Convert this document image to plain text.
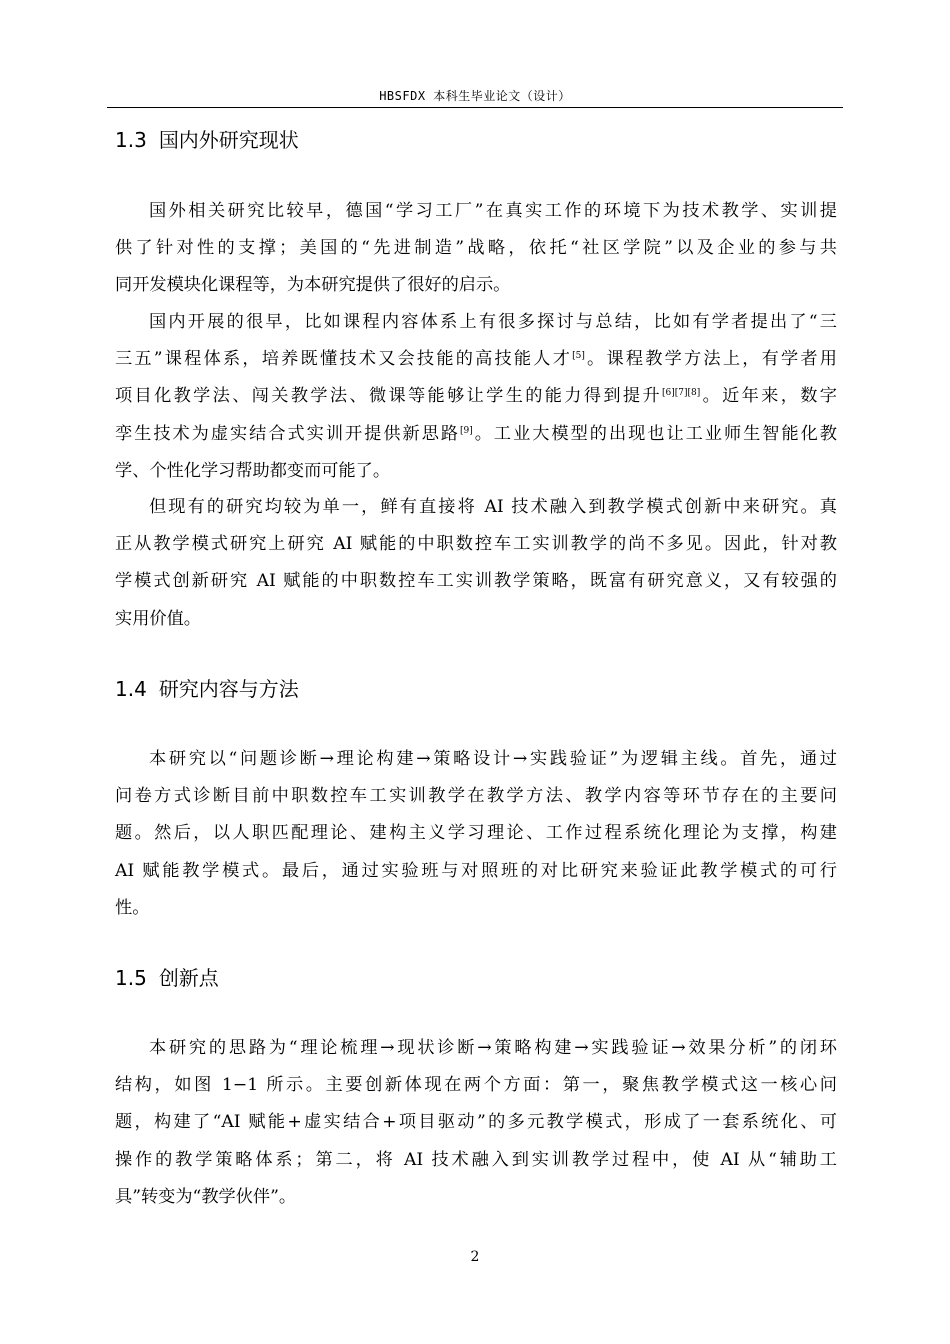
HBSFDX 本科生毕业论文（设计）
1.3 国内外研究现状
国外相关研究比较早，德国“学习工厂”在真实工作的环境下为技术教学、实训提
供了针对性的支撑；美国的“先进制造”战略，依托“社区学院”以及企业的参与共
同开发模块化课程等，为本研究提供了很好的启示。
国内开展的很早，比如课程内容体系上有很多探讨与总结，比如有学者提出了“三
三五”课程体系，培养既懂技术又会技能的高技能人才[5]。课程教学方法上，有学者用
项目化教学法、闯关教学法、微课等能够让学生的能力得到提升[6][7][8]。近年来，数字
孪生技术为虚实结合式实训开提供新思路[9]。工业大模型的出现也让工业师生智能化教
学、个性化学习帮助都变而可能了。
但现有的研究均较为单一，鲜有直接将 AI 技术融入到教学模式创新中来研究。真
正从教学模式研究上研究 AI 赋能的中职数控车工实训教学的尚不多见。因此，针对教
学模式创新研究 AI 赋能的中职数控车工实训教学策略，既富有研究意义，又有较强的
实用价值。
1.4 研究内容与方法
本研究以“问题诊断→理论构建→策略设计→实践验证”为逻辑主线。首先，通过
问卷方式诊断目前中职数控车工实训教学在教学方法、教学内容等环节存在的主要问
题。然后，以人职匹配理论、建构主义学习理论、工作过程系统化理论为支撑，构建
AI 赋能教学模式。最后，通过实验班与对照班的对比研究来验证此教学模式的可行
性。
1.5 创新点
本研究的思路为“理论梳理→现状诊断→策略构建→实践验证→效果分析”的闭环
结构，如图 1−1 所示。主要创新体现在两个方面：第一，聚焦教学模式这一核心问
题，构建了“AI 赋能+虚实结合+项目驱动”的多元教学模式，形成了一套系统化、可
操作的教学策略体系；第二，将 AI 技术融入到实训教学过程中，使 AI 从“辅助工
具”转变为“教学伙伴”。
2
